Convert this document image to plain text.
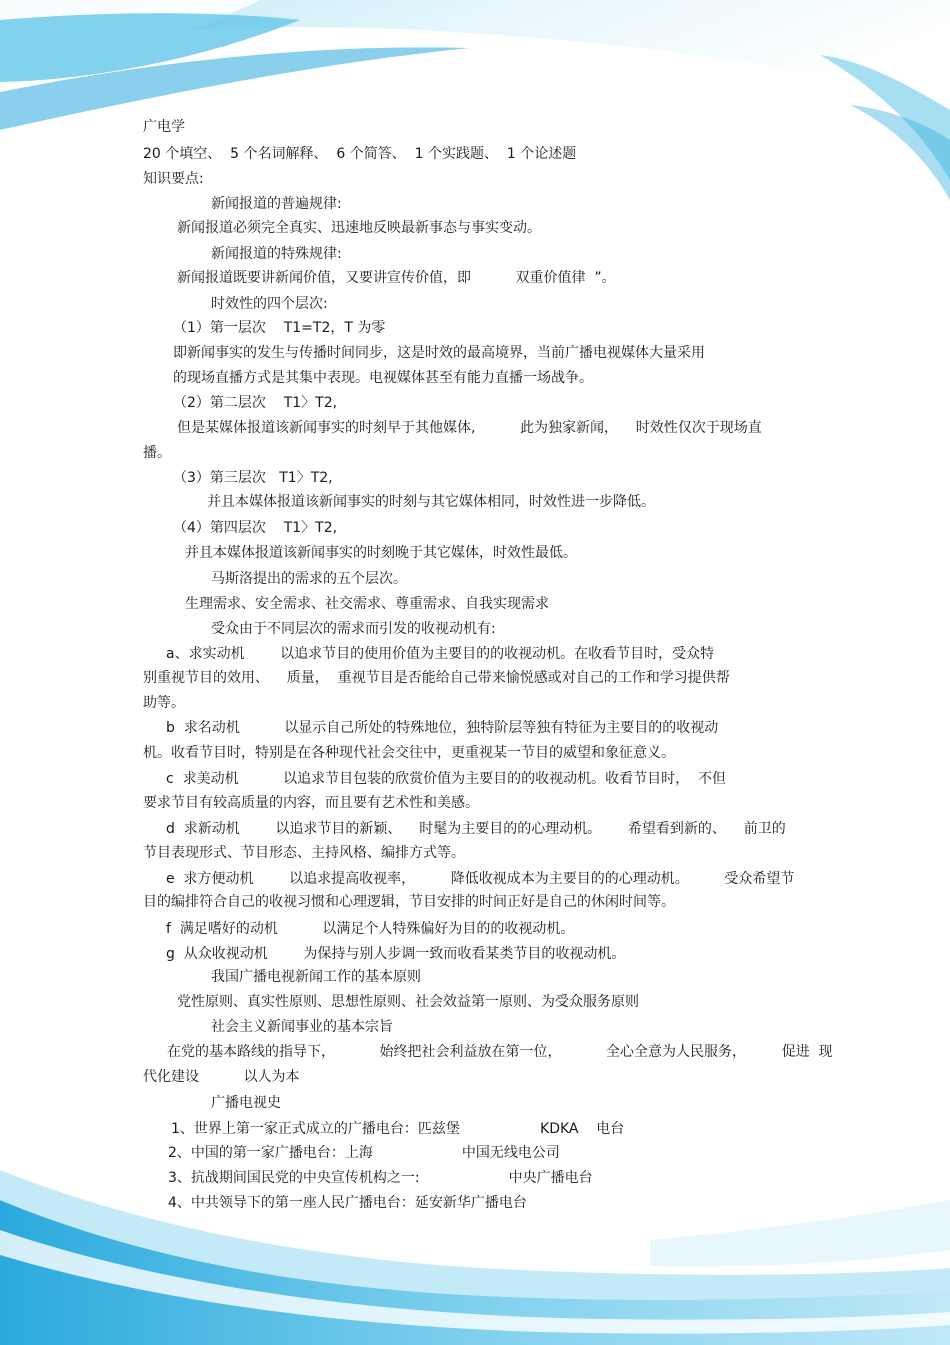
广电学
20 个填空、  5 个名词解释、  6 个简答、  1 个实践题、  1 个论述题
知识要点:
新闻报道的普遍规律:
新闻报道必须完全真实、迅速地反映最新事态与事实变动。
新闻报道的特殊规律:
新闻报道既要讲新闻价值，又要讲宣传价值，即          双重价值律  ”。
时效性的四个层次:
（1）第一层次    T1=T2，T 为零
即新闻事实的发生与传播时间同步，这是时效的最高境界，当前广播电视媒体大量采用
的现场直播方式是其集中表现。电视媒体甚至有能力直播一场战争。
（2）第二层次    T1〉T2,
但是某媒体报道该新闻事实的时刻早于其他媒体,          此为独家新闻，    时效性仅次于现场直
播。
（3）第三层次   T1〉T2,
并且本媒体报道该新闻事实的时刻与其它媒体相同，时效性进一步降低。
（4）第四层次    T1〉T2,
并且本媒体报道该新闻事实的时刻晚于其它媒体，时效性最低。
马斯洛提出的需求的五个层次。
生理需求、安全需求、社交需求、尊重需求、自我实现需求
受众由于不同层次的需求而引发的收视动机有:
a、求实动机        以追求节目的使用价值为主要目的的收视动机。在收看节目时，受众特
别重视节目的效用、    质量，  重视节目是否能给自己带来愉悦感或对自己的工作和学习提供帮
助等。
b  求名动机          以显示自己所处的特殊地位，独特阶层等独有特征为主要目的的收视动
机。收看节目时，特别是在各种现代社会交往中，更重视某一节目的威望和象征意义。
c  求美动机          以追求节目包装的欣赏价值为主要目的的收视动机。收看节目时，  不但
要求节目有较高质量的内容，而且要有艺术性和美感。
d  求新动机        以追求节目的新颖、    时髦为主要目的的心理动机。      希望看到新的、    前卫的
节目表现形式、节目形态、主持风格、编排方式等。
e  求方便动机        以追求提高收视率，        降低收视成本为主要目的的心理动机。        受众希望节
目的编排符合自己的收视习惯和心理逻辑，节目安排的时间正好是自己的休闲时间等。
f  满足嗜好的动机          以满足个人特殊偏好为目的的收视动机。
g  从众收视动机        为保持与别人步调一致而收看某类节目的收视动机。
我国广播电视新闻工作的基本原则
党性原则、真实性原则、思想性原则、社会效益第一原则、为受众服务原则
社会主义新闻事业的基本宗旨
在党的基本路线的指导下，          始终把社会利益放在第一位，          全心全意为人民服务，        促进  现
代化建设          以人为本
广播电视史
1、世界上第一家正式成立的广播电台：匹兹堡                  KDKA    电台
2、中国的第一家广播电台：上海                    中国无线电公司
3、抗战期间国民党的中央宣传机构之一:                    中央广播电台
4、中共领导下的第一座人民广播电台：延安新华广播电台
